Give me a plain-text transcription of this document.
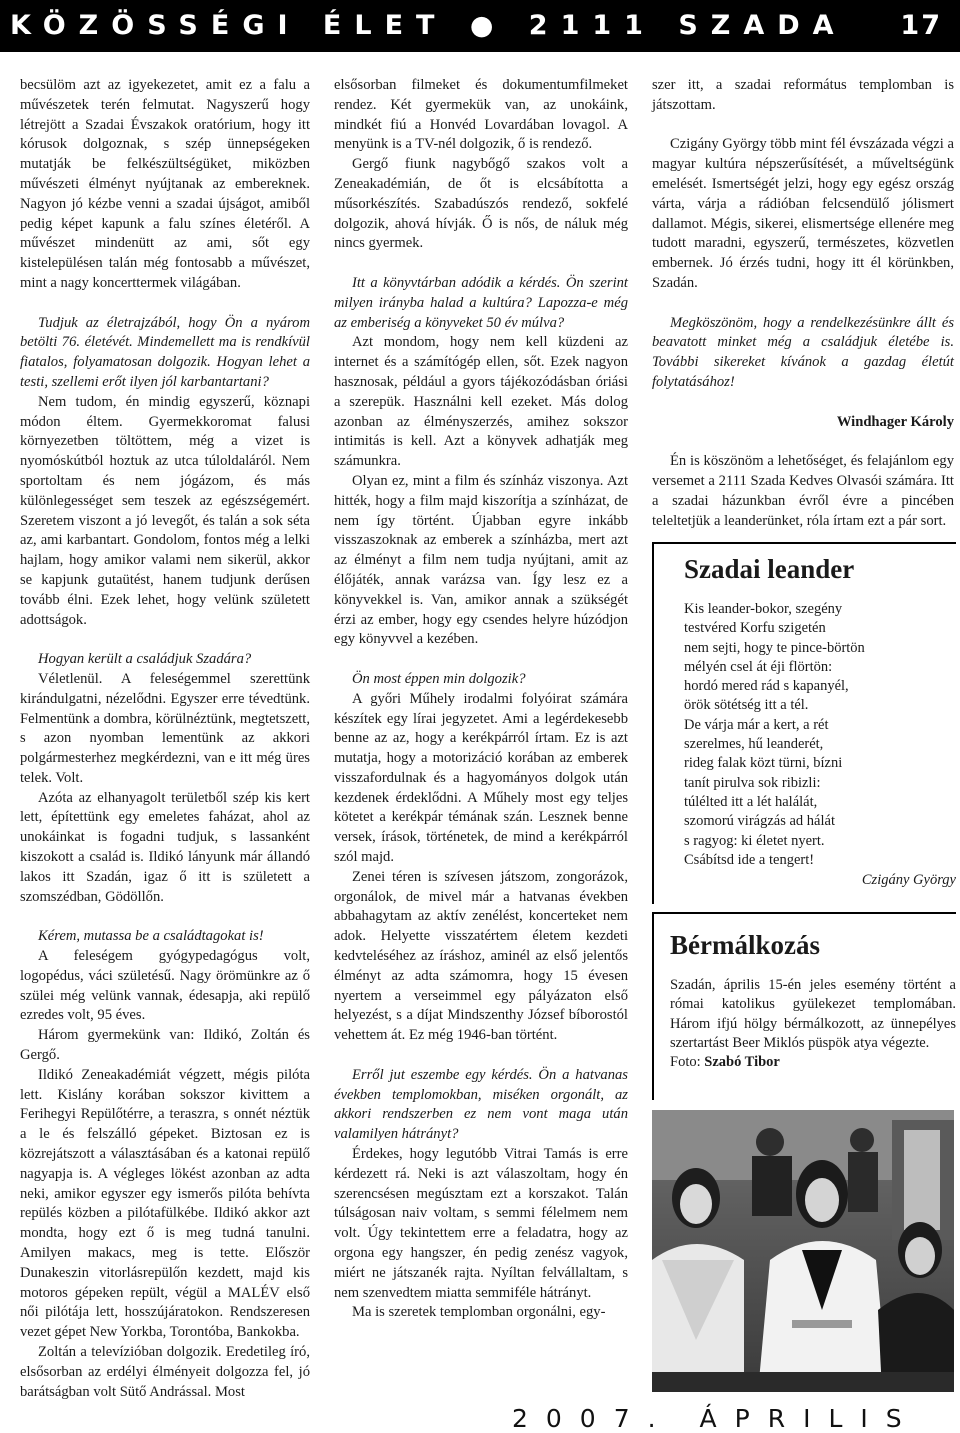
KÖZÖSSÉGI ÉLET ● 2111 SZADA 17

becsülöm azt az igyekezetet, amit ez a falu a művészetek terén felmutat. Nagyszerű hogy létrejött a Szadai Évszakok oratórium, hogy itt kórusok dolgoznak, s szép ünnepségeken mutatják be felkészültségüket, miközben művészeti élményt nyújtanak az embereknek. Nagyon jó kézbe venni a szadai újságot, amiből pedig képet kapunk a falu színes életéről. A művészet mindenütt az ami, sőt egy kistelepülésen talán még fontosabb a művészet, mint a nagy koncerttermek világában.

Tudjuk az életrajzából, hogy Ön a nyárom betölti 76. életévét. Mindemellett ma is rendkívül fiatalos, folyamatosan dolgozik. Hogyan lehet a testi, szellemi erőt ilyen jól karbantartani?

Nem tudom, én mindig egyszerű, köznapi módon éltem. Gyermekkoromat falusi környezetben töltöttem, még a vizet is nyomóskútból hoztuk az utca túloldaláról. Nem sportoltam és nem jógázom, és más különlegességet sem teszek az egészségemért. Szeretem viszont a jó levegőt, és talán a sok séta az, ami karbantart. Gondolom, fontos még a lelki hajlam, hogy amikor valami nem sikerül, akkor se kapjunk gutaütést, hanem tudjunk derűsen tovább élni. Ezek lehet, hogy velünk született adottságok.

Hogyan került a családjuk Szadára?

Véletlenül. A feleségemmel szerettünk kirándulgatni, nézelődni. Egyszer erre tévedtünk. Felmentünk a dombra, körülnéztünk, megtetszett, s azon nyomban lementünk az akkori polgármesterhez megkérdezni, van e itt még üres telek. Volt.

Azóta az elhanyagolt területből szép kis kert lett, építettünk egy emeletes faházat, ahol az unokáinkat is fogadni tudjuk, s lassanként kiszokott a család is. Ildikó lányunk már állandó lakos itt Szadán, igaz ő itt is született a szomszédban, Gödöllőn.

Kérem, mutassa be a családtagokat is!

A feleségem gyógypedagógus volt, logopédus, váci születésű. Nagy örömünkre az ő szülei még velünk vannak, édesapja, aki repülő ezredes volt, 95 éves.

Három gyermekünk van: Ildikó, Zoltán és Gergő.

Ildikó Zeneakadémiát végzett, mégis pilóta lett. Kislány korában sokszor kivittem a Ferihegyi Repülőtérre, a teraszra, s onnét néztük a le és felszálló gépeket. Biztosan ez is közrejátszott a választásában és a katonai repülő nagyapja is. A végleges lökést azonban az adta neki, amikor egyszer egy ismerős pilóta behívta repülés közben a pilótafülkébe. Ildikó akkor azt mondta, hogy ezt ő is meg tudná tanulni. Amilyen makacs, meg is tette. Először Dunakeszin vitorlásrepülőn kezdett, majd kis motoros gépeken repült, végül a MALÉV első női pilótája lett, hosszújáratokon. Rendszeresen vezet gépet New Yorkba, Torontóba, Bankokba.

Zoltán a televízióban dolgozik. Eredetileg író, elsősorban az erdélyi élményeit dolgozza fel, jó barátságban volt Sütő Andrással. Most

elsősorban filmeket és dokumentumfilmeket rendez. Két gyermekük van, az unokáink, mindkét fiú a Honvéd Lovardában lovagol. A menyünk is a TV-nél dolgozik, ő is rendező.

Gergő fiunk nagybőgő szakos volt a Zeneakadémián, de őt is elcsábította a műsorkészítés. Szabadúszós rendező, sokfelé dolgozik, ahová hívják. Ő is nős, de náluk még nincs gyermek.

Itt a könyvtárban adódik a kérdés. Ön szerint milyen irányba halad a kultúra? Lapozza-e még az emberiség a könyveket 50 év múlva?

Azt mondom, hogy nem kell küzdeni az internet és a számítógép ellen, sőt. Ezek nagyon hasznosak, például a gyors tájékozódásban óriási a szerepük. Használni kell ezeket. Más dolog azonban az élményszerzés, amihez sokszor intimitás is kell. Azt a könyvek adhatják meg számunkra.

Olyan ez, mint a film és színház viszonya. Azt hitték, hogy a film majd kiszorítja a színházat, de nem így történt. Újabban egyre inkább visszaszoknak az emberek a színházba, mert azt az élményt a film nem tudja nyújtani, amit az élőjáték, annak varázsa van. Így lesz ez a könyvekkel is. Van, amikor annak a szükségét érzi az ember, hogy egy csendes helyre húzódjon egy könyvvel a kezében.

Ön most éppen min dolgozik?

A győri Műhely irodalmi folyóirat számára készítek egy lírai jegyzetet. Ami a legérdekesebb benne az az, hogy a kerékpárról írtam. Ez is azt mutatja, hogy a motorizáció korában az emberek visszafordulnak és a hagyományos dolgok után kezdenek érdeklődni. A Műhely most egy teljes kötetet a kerékpár témának szán. Lesznek benne versek, írások, történetek, de mind a kerékpárról szól majd.

Zenei téren is szívesen játszom, zongorázok, orgonálok, de mivel már a hatvanas években abbahagytam az aktív zenélést, koncerteket nem adok. Helyette visszatértem életem kezdeti kedvteléséhez az íráshoz, aminél az első jelentős élményt az adta számomra, hogy 15 évesen nyertem a verseimmel egy pályázaton első helyezést, s a díjat Mindszenthy József bíborostól vehettem át. Ez még 1946-ban történt.

Erről jut eszembe egy kérdés. Ön a hatvanas években templomokban, miséken orgonált, az akkori rendszerben ez nem vont maga után valamilyen hátrányt?

Érdekes, hogy legutóbb Vitrai Tamás is erre kérdezett rá. Neki is azt válaszoltam, hogy én szerencsésen megúsztam ezt a korszakot. Talán túlságosan naiv voltam, s semmi félelmem nem volt. Úgy tekintettem erre a feladatra, hogy az orgona egy hangszer, én pedig zenész vagyok, miért ne játszanék rajta. Nyíltan felvállaltam, s nem szenvedtem miatta semmiféle hátrányt.

Ma is szeretek templomban orgonálni, egy-

szer itt, a szadai református templomban is játszottam.

Czigány György több mint fél évszázada végzi a magyar kultúra népszerűsítését, a műveltségünk emelését. Ismertségét jelzi, hogy egy egész ország várta, várja a rádióban felcsendülő jólismert dallamot. Mégis, sikerei, elismertsége ellenére meg tudott maradni, egyszerű, természetes, közvetlen embernek. Jó érzés tudni, hogy itt él körünkben, Szadán.

Megköszönöm, hogy a rendelkezésünkre állt és beavatott minket még a családjuk életébe is. További sikereket kívánok a gazdag életút folytatásához!

Windhager Károly

Én is köszönöm a lehetőséget, és felajánlom egy versemet a 2111 Szada Kedves Olvasói számára. Itt a szadai házunkban évről évre a pincében teleltetjük a leanderünket, róla írtam ezt a pár sort.

Szadai leander
Kis leander-bokor, szegény
testvéred Korfu szigetén
nem sejti, hogy te pince-börtön
mélyén csel át éji flörtön:
hordó mered rád s kapanyél,
örök sötétség itt a tél.
De várja már a kert, a rét
szerelmes, hű leanderét,
rideg falak közt türni, bízni
tanít pirulva sok ribizli:
túlélted itt a lét halálát,
szomorú virágzás ad hálát
s ragyog: ki életet nyert.
Csábítsd ide a tengert!
Czigány György
Bérmálkozás
Szadán, április 15-én jeles esemény történt a római katolikus gyülekezet templomában. Három ifjú hölgy bérmálkozott, az ünnepélyes szertartást Beer Miklós püspök atya végezte.
Foto: Szabó Tibor
2007. ÁPRILIS
